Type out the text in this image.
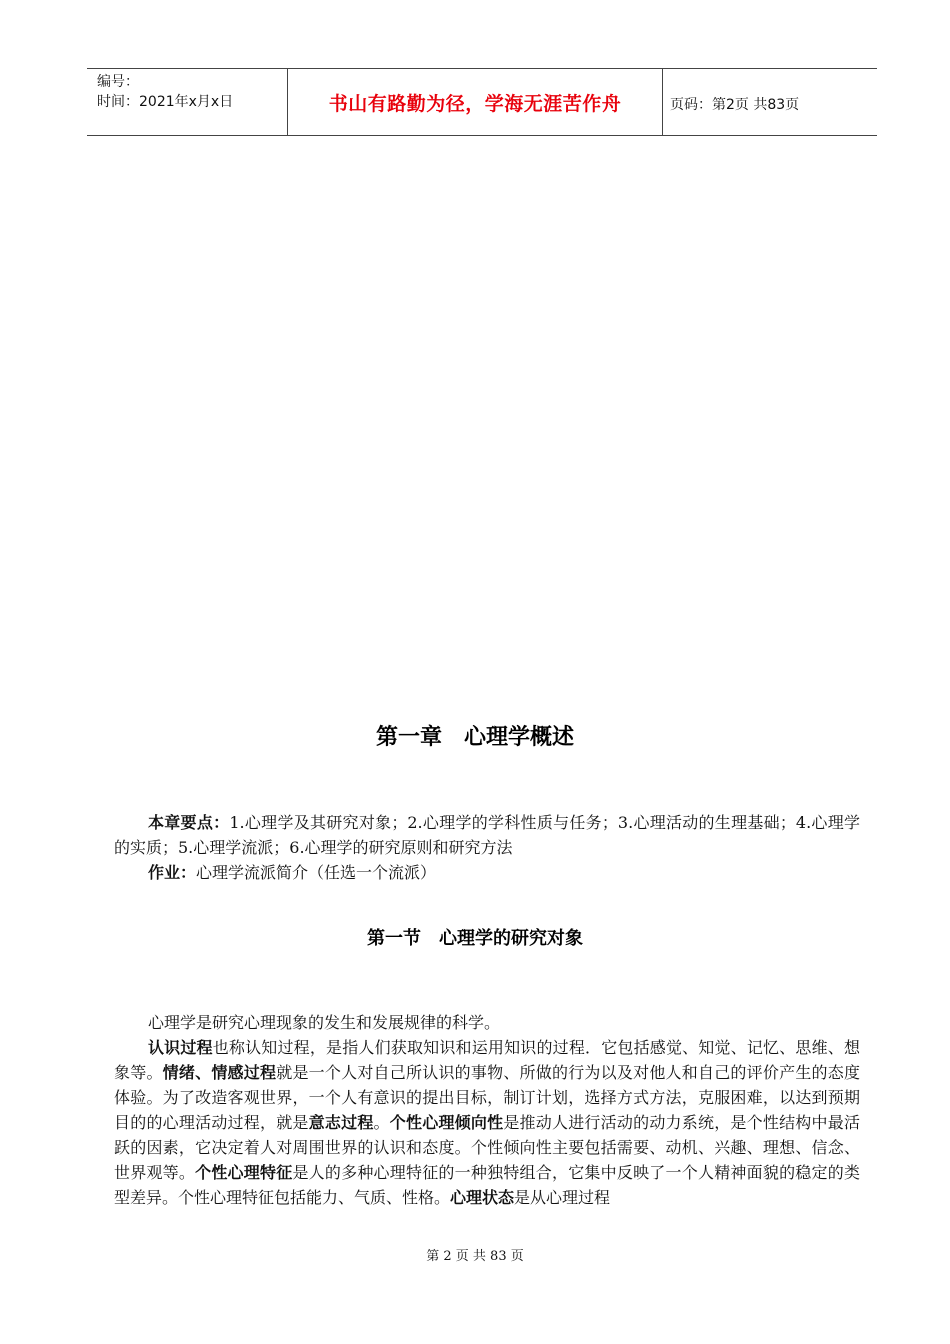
编号：
时间：2021年x月x日	书山有路勤为径，学海无涯苦作舟	页码：第2页 共83页
第一章　心理学概述

本章要点：1.心理学及其研究对象；2.心理学的学科性质与任务；3.心理活动的生理基础；4.心理学的实质；5.心理学流派；6.心理学的研究原则和研究方法

作业：心理学流派简介（任选一个流派）

第一节　心理学的研究对象

心理学是研究心理现象的发生和发展规律的科学。

认识过程也称认知过程，是指人们获取知识和运用知识的过程．它包括感觉、知觉、记忆、思维、想象等。情绪、情感过程就是一个人对自己所认识的事物、所做的行为以及对他人和自己的评价产生的态度体验。为了改造客观世界，一个人有意识的提出目标，制订计划，选择方式方法，克服困难，以达到预期目的的心理活动过程，就是意志过程。个性心理倾向性是推动人进行活动的动力系统，是个性结构中最活跃的因素，它决定着人对周围世界的认识和态度。个性倾向性主要包括需要、动机、兴趣、理想、信念、世界观等。个性心理特征是人的多种心理特征的一种独特组合，它集中反映了一个人精神面貌的稳定的类型差异。个性心理特征包括能力、气质、性格。心理状态是从心理过程

第 2 页 共 83 页
